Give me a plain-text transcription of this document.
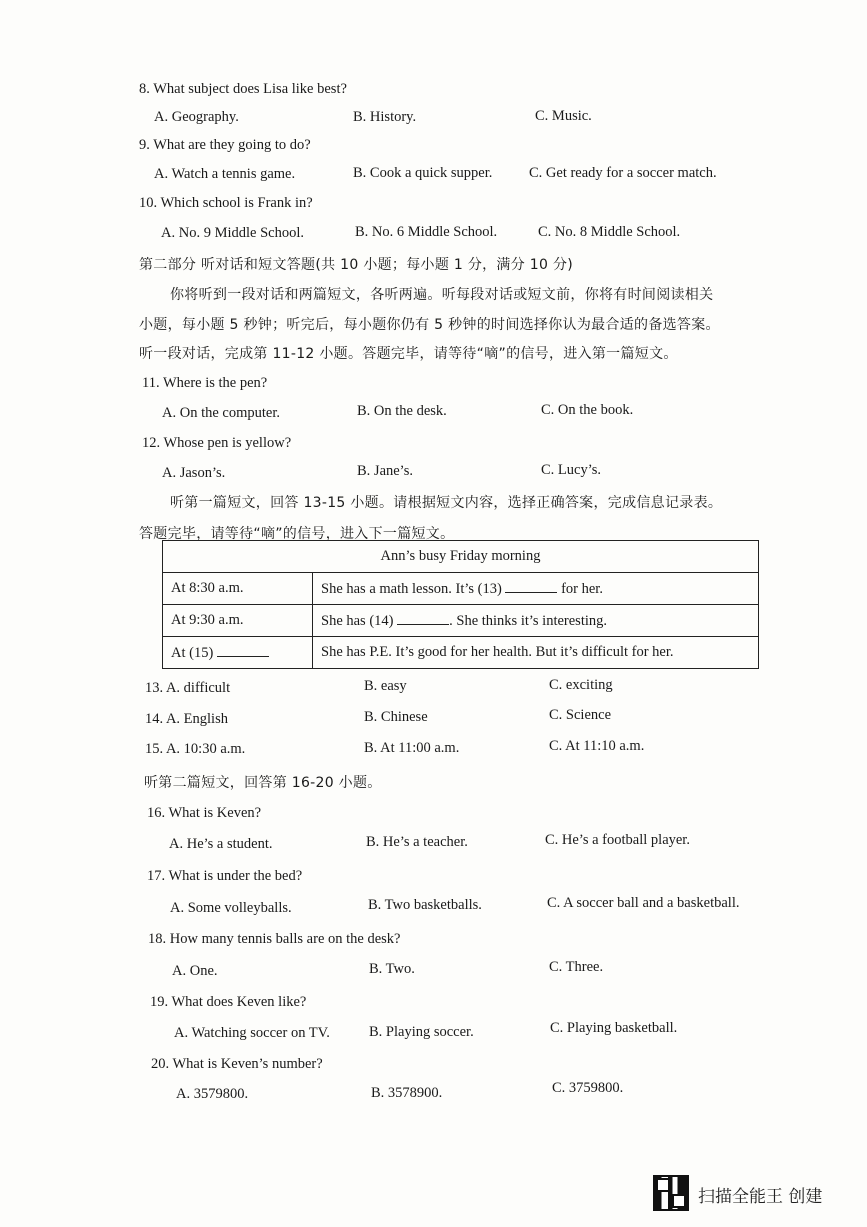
8. What subject does Lisa like best?
A. Geography.	B. History.	C. Music.
9. What are they going to do?
A. Watch a tennis game.	B. Cook a quick supper.	C. Get ready for a soccer match.
10. Which school is Frank in?
A. No. 9 Middle School.	B. No. 6 Middle School.	C. No. 8 Middle School.
第二部分 听对话和短文答题(共 10 小题；每小题 1 分，满分 10 分)
你将听到一段对话和两篇短文，各听两遍。听每段对话或短文前，你将有时间阅读相关
小题，每小题 5 秒钟；听完后，每小题你仍有 5 秒钟的时间选择你认为最合适的备选答案。
听一段对话，完成第 11-12 小题。答题完毕，请等待“嘀”的信号，进入第一篇短文。
11. Where is the pen?
A. On the computer.	B. On the desk.	C. On the book.
12. Whose pen is yellow?
A. Jason’s.	B. Jane’s.	C. Lucy’s.
听第一篇短文，回答 13-15 小题。请根据短文内容，选择正确答案，完成信息记录表。
答题完毕，请等待“嘀”的信号，进入下一篇短文。
Ann’s busy Friday morning	
At 8:30 a.m.	She has a math lesson. It’s (13) for her.
At 9:30 a.m.	She has (14) . She thinks it’s interesting.
At (15)	She has P.E. It’s good for her health. But it’s difficult for her.
13. A. difficult	B. easy	C. exciting
14. A. English	B. Chinese	C. Science
15. A. 10:30 a.m.	B. At 11:00 a.m.	C. At 11:10 a.m.
听第二篇短文，回答第 16-20 小题。
16. What is Keven?
A. He’s a student.	B. He’s a teacher.	C. He’s a football player.
17. What is under the bed?
A. Some volleyballs.	B. Two basketballs.	C. A soccer ball and a basketball.
18. How many tennis balls are on the desk?
A. One.	B. Two.	C. Three.
19. What does Keven like?
A. Watching soccer on TV.	B. Playing soccer.	C. Playing basketball.
20. What is Keven’s number?
A. 3579800.	B. 3578900.	C. 3759800.
扫描全能王 创建
